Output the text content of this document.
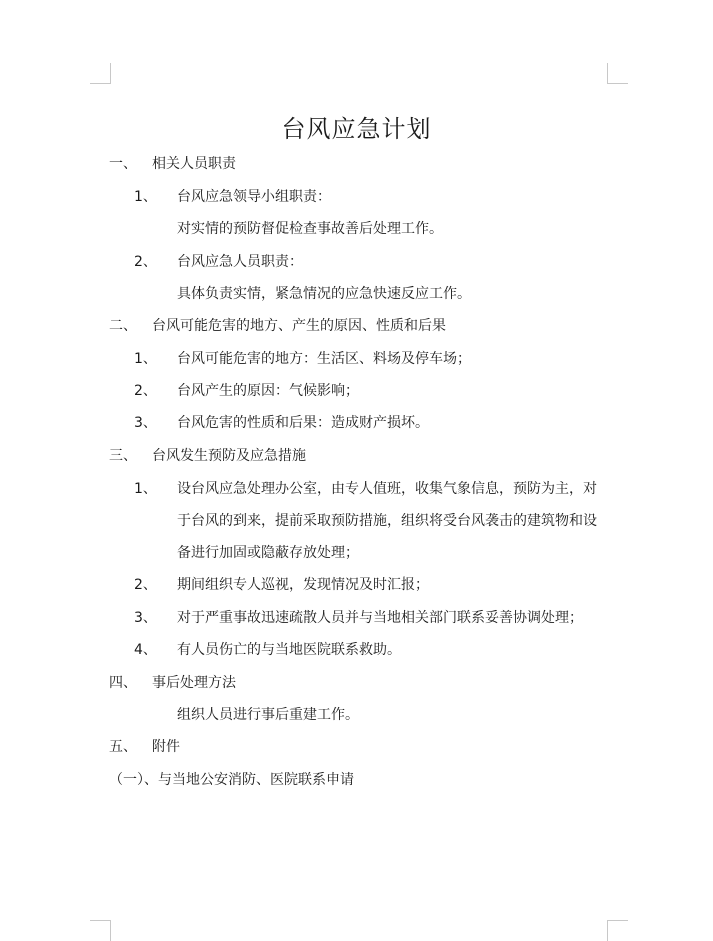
台风应急计划
一、 相关人员职责
1、 台风应急领导小组职责：
对实情的预防督促检查事故善后处理工作。
2、 台风应急人员职责：
具体负责实情，紧急情况的应急快速反应工作。
二、 台风可能危害的地方、产生的原因、性质和后果
1、 台风可能危害的地方：生活区、料场及停车场；
2、 台风产生的原因：气候影响；
3、 台风危害的性质和后果：造成财产损坏。
三、 台风发生预防及应急措施
1、 设台风应急处理办公室，由专人值班，收集气象信息，预防为主，对
于台风的到来，提前采取预防措施，组织将受台风袭击的建筑物和设
备进行加固或隐蔽存放处理；
2、 期间组织专人巡视，发现情况及时汇报；
3、 对于严重事故迅速疏散人员并与当地相关部门联系妥善协调处理；
4、 有人员伤亡的与当地医院联系救助。
四、 事后处理方法
组织人员进行事后重建工作。
五、 附件
（一）、与当地公安消防、医院联系申请
